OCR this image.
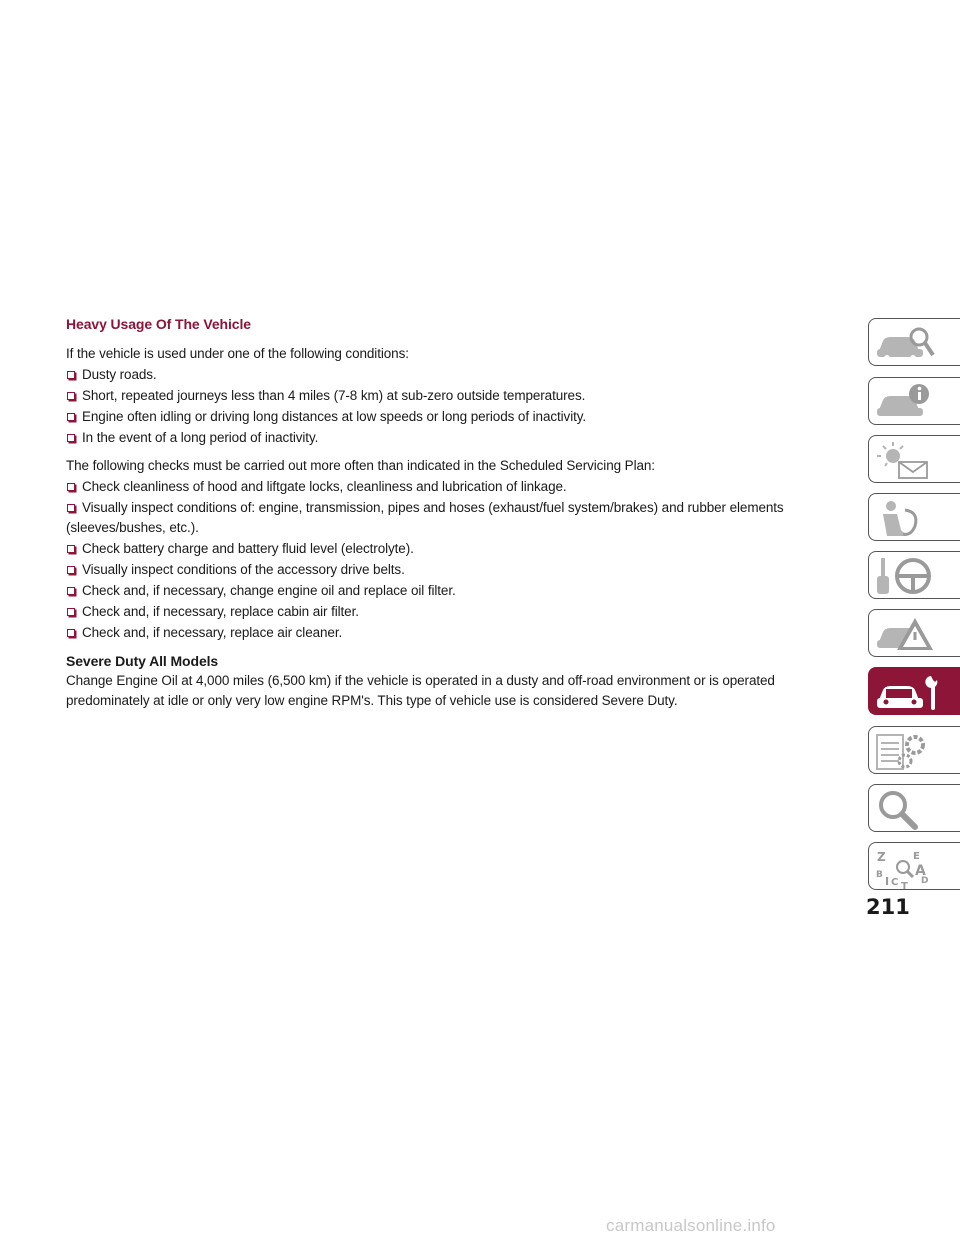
Heavy Usage Of The Vehicle

If the vehicle is used under one of the following conditions:

Dusty roads.
Short, repeated journeys less than 4 miles (7-8 km) at sub-zero outside temperatures.
Engine often idling or driving long distances at low speeds or long periods of inactivity.
In the event of a long period of inactivity.

The following checks must be carried out more often than indicated in the Scheduled Servicing Plan:

Check cleanliness of hood and liftgate locks, cleanliness and lubrication of linkage.
Visually inspect conditions of: engine, transmission, pipes and hoses (exhaust/fuel system/brakes) and rubber elements (sleeves/bushes, etc.).
Check battery charge and battery fluid level (electrolyte).
Visually inspect conditions of the accessory drive belts.
Check and, if necessary, change engine oil and replace oil filter.
Check and, if necessary, replace cabin air filter.
Check and, if necessary, replace air cleaner.
Severe Duty All Models

Change Engine Oil at 4,000 miles (6,500 km) if the vehicle is operated in a dusty and off-road environment or is operated predominately at idle or only very low engine RPM's. This type of vehicle use is considered Severe Duty.

Z
B I C T
E
A
D
211
carmanualsonline.info
